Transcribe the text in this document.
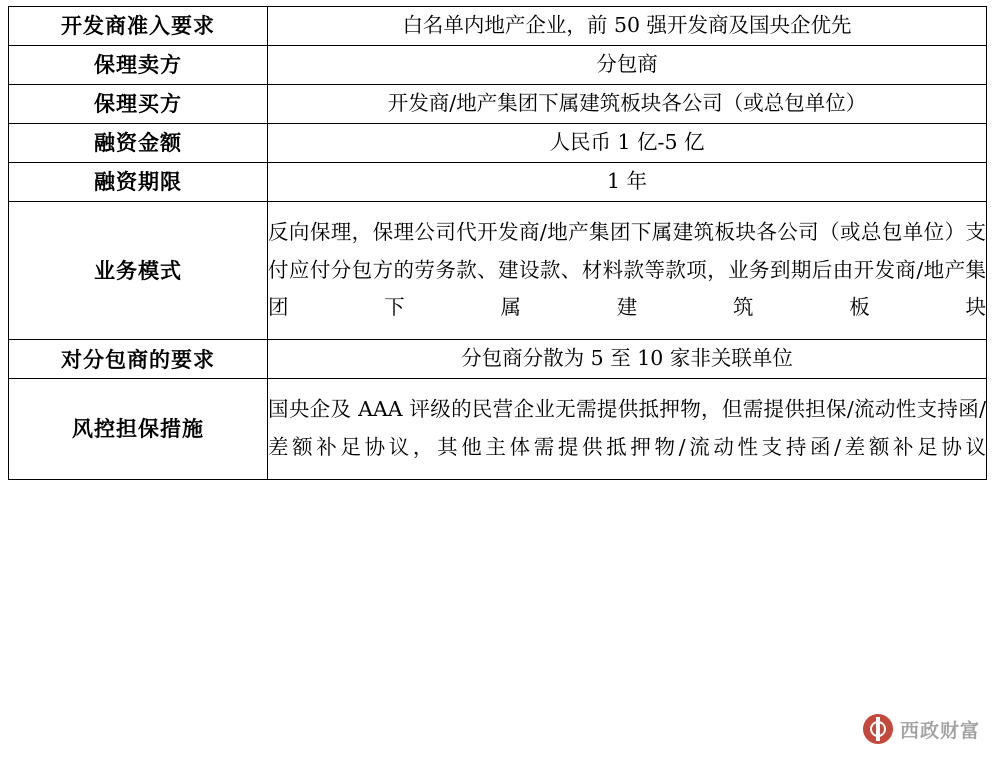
开发商准入要求	白名单内地产企业，前 50 强开发商及国央企优先
保理卖方	分包商
保理买方	开发商/地产集团下属建筑板块各公司（或总包单位）
融资金额	人民币 1 亿-5 亿
融资期限	1 年
业务模式	反向保理，保理公司代开发商/地产集团下属建筑板块各公司（或总包单位）支付应付分包方的劳务款、建设款、材料款等款项，业务到期后由开发商/地产集团下属建筑板块
对分包商的要求	分包商分散为 5 至 10 家非关联单位
风控担保措施	国央企及 AAA 评级的民营企业无需提供抵押物，但需提供担保/流动性支持函/差额补足协议，其他主体需提供抵押物/流动性支持函/差额补足协议
西政财富
